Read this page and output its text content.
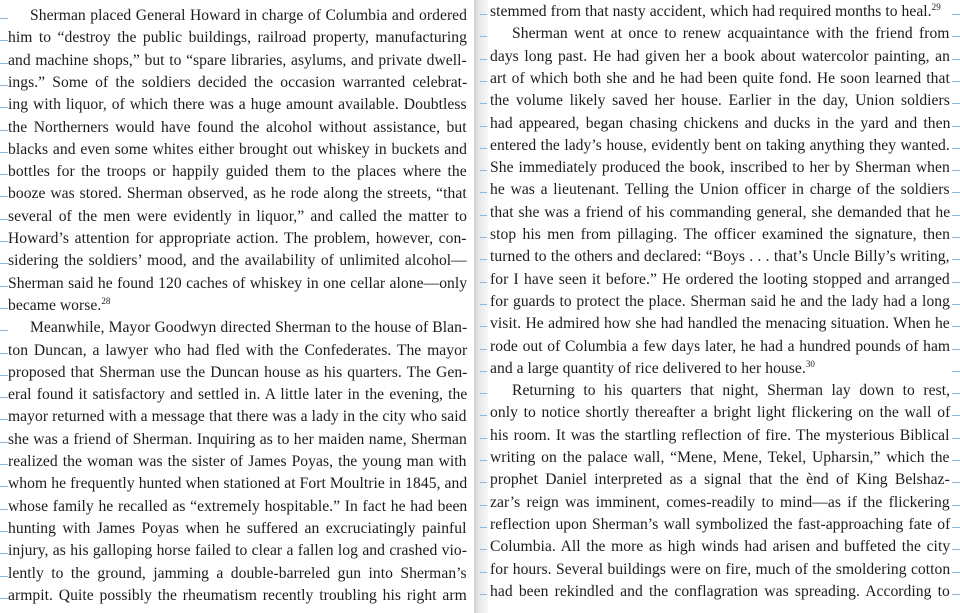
Sherman placed General Howard in charge of Columbia and ordered
him to “destroy the public buildings, railroad property, manufacturing
and machine shops,” but to “spare libraries, asylums, and private dwell-
ings.” Some of the soldiers decided the occasion warranted celebrat-
ing with liquor, of which there was a huge amount available. Doubtless
the Northerners would have found the alcohol without assistance, but
blacks and even some whites either brought out whiskey in buckets and
bottles for the troops or happily guided them to the places where the
booze was stored. Sherman observed, as he rode along the streets, “that
several of the men were evidently in liquor,” and called the matter to
Howard’s attention for appropriate action. The problem, however, con-
sidering the soldiers’ mood, and the availability of unlimited alcohol—
Sherman said he found 120 caches of whiskey in one cellar alone—only
became worse.$^{28}$
Meanwhile, Mayor Goodwyn directed Sherman to the house of Blan-
ton Duncan, a lawyer who had fled with the Confederates. The mayor
proposed that Sherman use the Duncan house as his quarters. The Gen-
eral found it satisfactory and settled in. A little later in the evening, the
mayor returned with a message that there was a lady in the city who said
she was a friend of Sherman. Inquiring as to her maiden name, Sherman
realized the woman was the sister of James Poyas, the young man with
whom he frequently hunted when stationed at Fort Moultrie in 1845, and
whose family he recalled as “extremely hospitable.” In fact he had been
hunting with James Poyas when he suffered an excruciatingly painful
injury, as his galloping horse failed to clear a fallen log and crashed vio-
lently to the ground, jamming a double-barreled gun into Sherman’s
armpit. Quite possibly the rheumatism recently troubling his right arm
stemmed from that nasty accident, which had required months to heal.$^{29}$
Sherman went at once to renew acquaintance with the friend from
days long past. He had given her a book about watercolor painting, an
art of which both she and he had been quite fond. He soon learned that
the volume likely saved her house. Earlier in the day, Union soldiers
had appeared, began chasing chickens and ducks in the yard and then
entered the lady’s house, evidently bent on taking anything they wanted.
She immediately produced the book, inscribed to her by Sherman when
he was a lieutenant. Telling the Union officer in charge of the soldiers
that she was a friend of his commanding general, she demanded that he
stop his men from pillaging. The officer examined the signature, then
turned to the others and declared: “Boys . . . that’s Uncle Billy’s writing,
for I have seen it before.” He ordered the looting stopped and arranged
for guards to protect the place. Sherman said he and the lady had a long
visit. He admired how she had handled the menacing situation. When he
rode out of Columbia a few days later, he had a hundred pounds of ham
and a large quantity of rice delivered to her house.$^{30}$
Returning to his quarters that night, Sherman lay down to rest,
only to notice shortly thereafter a bright light flickering on the wall of
his room. It was the startling reflection of fire. The mysterious Biblical
writing on the palace wall, “Mene, Mene, Tekel, Upharsin,” which the
prophet Daniel interpreted as a signal that the ènd of King Belshaz-
zar’s reign was imminent, comes-readily to mind—as if the flickering
reflection upon Sherman’s wall symbolized the fast-approaching fate of
Columbia. All the more as high winds had arisen and buffeted the city
for hours. Several buildings were on fire, much of the smoldering cotton
had been rekindled and the conflagration was spreading. According to
